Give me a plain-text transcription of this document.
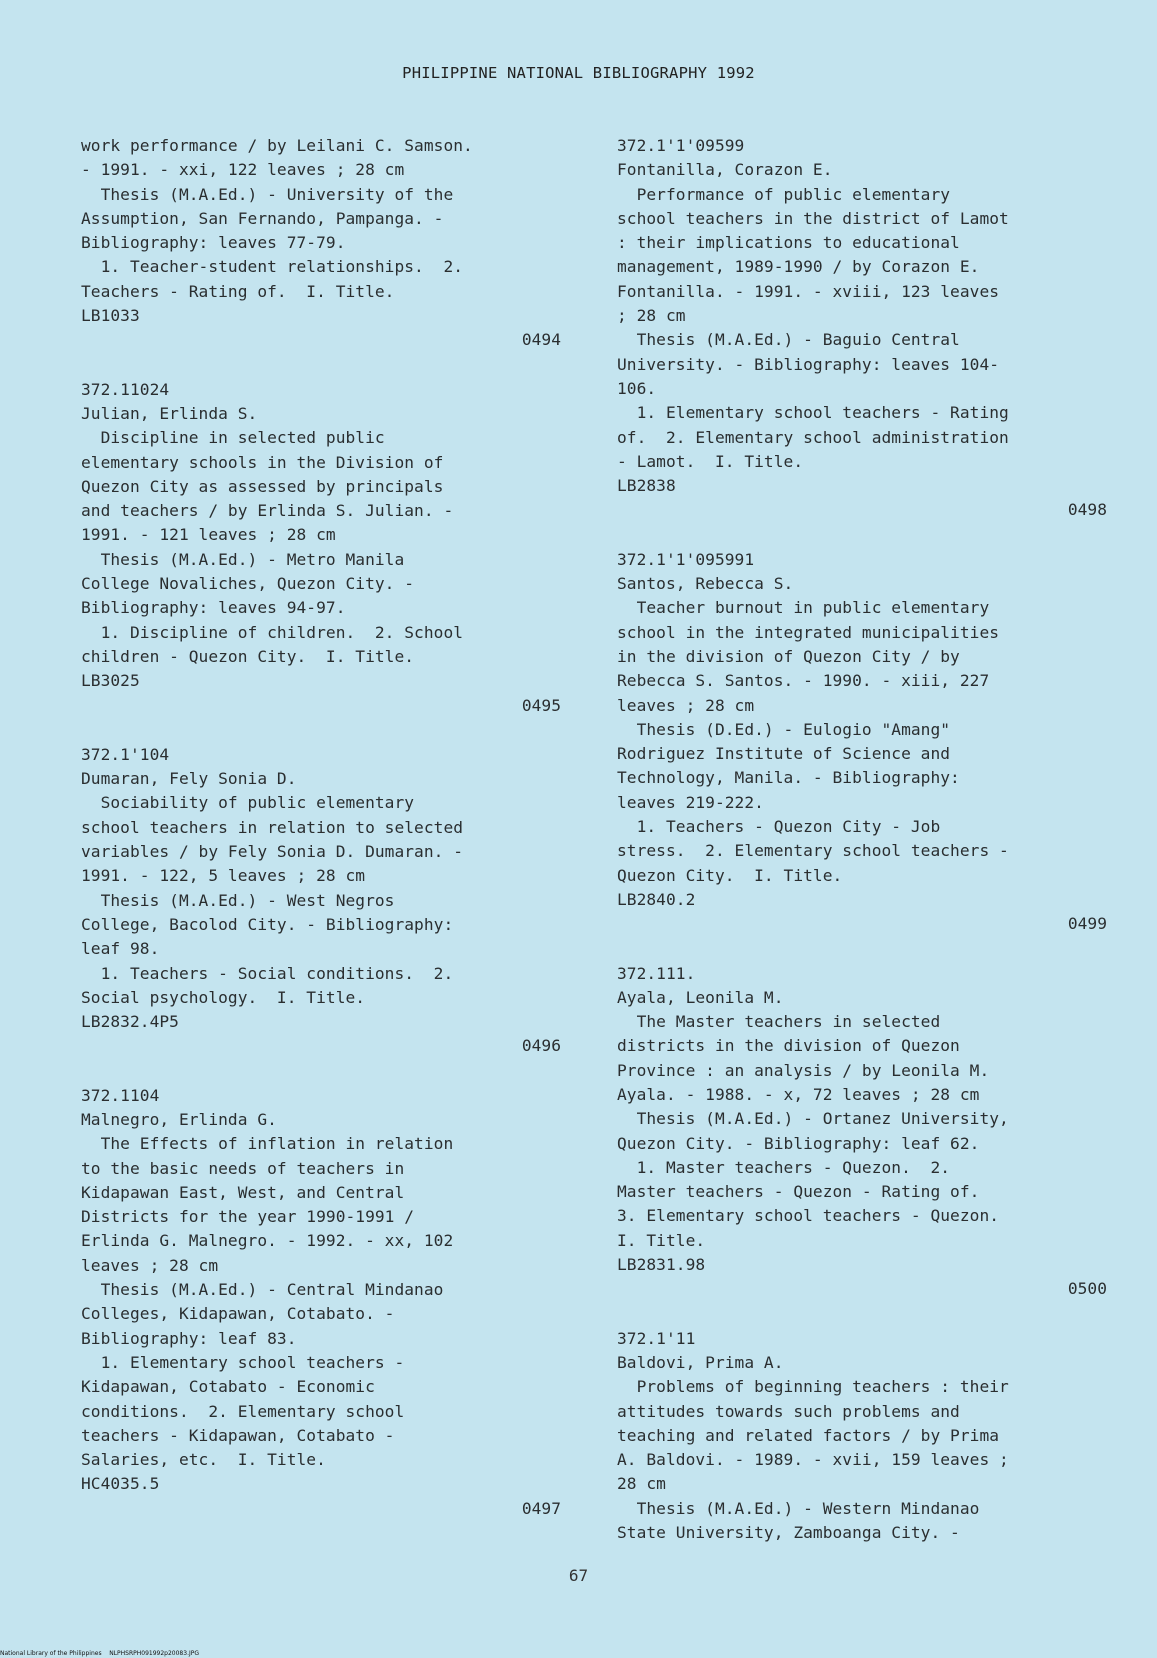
PHILIPPINE NATIONAL BIBLIOGRAPHY 1992
work performance / by Leilani C. Samson.
- 1991. - xxi, 122 leaves ; 28 cm
Thesis (M.A.Ed.) - University of the
Assumption, San Fernando, Pampanga. -
Bibliography: leaves 77-79.
1. Teacher-student relationships.  2.
Teachers - Rating of.  I. Title.
LB1033
0494
372.11024
Julian, Erlinda S.
Discipline in selected public
elementary schools in the Division of
Quezon City as assessed by principals
and teachers / by Erlinda S. Julian. -
1991. - 121 leaves ; 28 cm
Thesis (M.A.Ed.) - Metro Manila
College Novaliches, Quezon City. -
Bibliography: leaves 94-97.
1. Discipline of children.  2. School
children - Quezon City.  I. Title.
LB3025
0495
372.1'104
Dumaran, Fely Sonia D.
Sociability of public elementary
school teachers in relation to selected
variables / by Fely Sonia D. Dumaran. -
1991. - 122, 5 leaves ; 28 cm
Thesis (M.A.Ed.) - West Negros
College, Bacolod City. - Bibliography:
leaf 98.
1. Teachers - Social conditions.  2.
Social psychology.  I. Title.
LB2832.4P5
0496
372.1104
Malnegro, Erlinda G.
The Effects of inflation in relation
to the basic needs of teachers in
Kidapawan East, West, and Central
Districts for the year 1990-1991 /
Erlinda G. Malnegro. - 1992. - xx, 102
leaves ; 28 cm
Thesis (M.A.Ed.) - Central Mindanao
Colleges, Kidapawan, Cotabato. -
Bibliography: leaf 83.
1. Elementary school teachers -
Kidapawan, Cotabato - Economic
conditions.  2. Elementary school
teachers - Kidapawan, Cotabato -
Salaries, etc.  I. Title.
HC4035.5
0497
372.1'1'09599
Fontanilla, Corazon E.
Performance of public elementary
school teachers in the district of Lamot
: their implications to educational
management, 1989-1990 / by Corazon E.
Fontanilla. - 1991. - xviii, 123 leaves
; 28 cm
Thesis (M.A.Ed.) - Baguio Central
University. - Bibliography: leaves 104-
106.
1. Elementary school teachers - Rating
of.  2. Elementary school administration
- Lamot.  I. Title.
LB2838
0498
372.1'1'095991
Santos, Rebecca S.
Teacher burnout in public elementary
school in the integrated municipalities
in the division of Quezon City / by
Rebecca S. Santos. - 1990. - xiii, 227
leaves ; 28 cm
Thesis (D.Ed.) - Eulogio "Amang"
Rodriguez Institute of Science and
Technology, Manila. - Bibliography:
leaves 219-222.
1. Teachers - Quezon City - Job
stress.  2. Elementary school teachers -
Quezon City.  I. Title.
LB2840.2
0499
372.111.
Ayala, Leonila M.
The Master teachers in selected
districts in the division of Quezon
Province : an analysis / by Leonila M.
Ayala. - 1988. - x, 72 leaves ; 28 cm
Thesis (M.A.Ed.) - Ortanez University,
Quezon City. - Bibliography: leaf 62.
1. Master teachers - Quezon.  2.
Master teachers - Quezon - Rating of.
3. Elementary school teachers - Quezon.
I. Title.
LB2831.98
0500
372.1'11
Baldovi, Prima A.
Problems of beginning teachers : their
attitudes towards such problems and
teaching and related factors / by Prima
A. Baldovi. - 1989. - xvii, 159 leaves ;
28 cm
Thesis (M.A.Ed.) - Western Mindanao
State University, Zamboanga City. -
67
National Library of the Philippines    NLPHSRPH091992p20083.JPG
